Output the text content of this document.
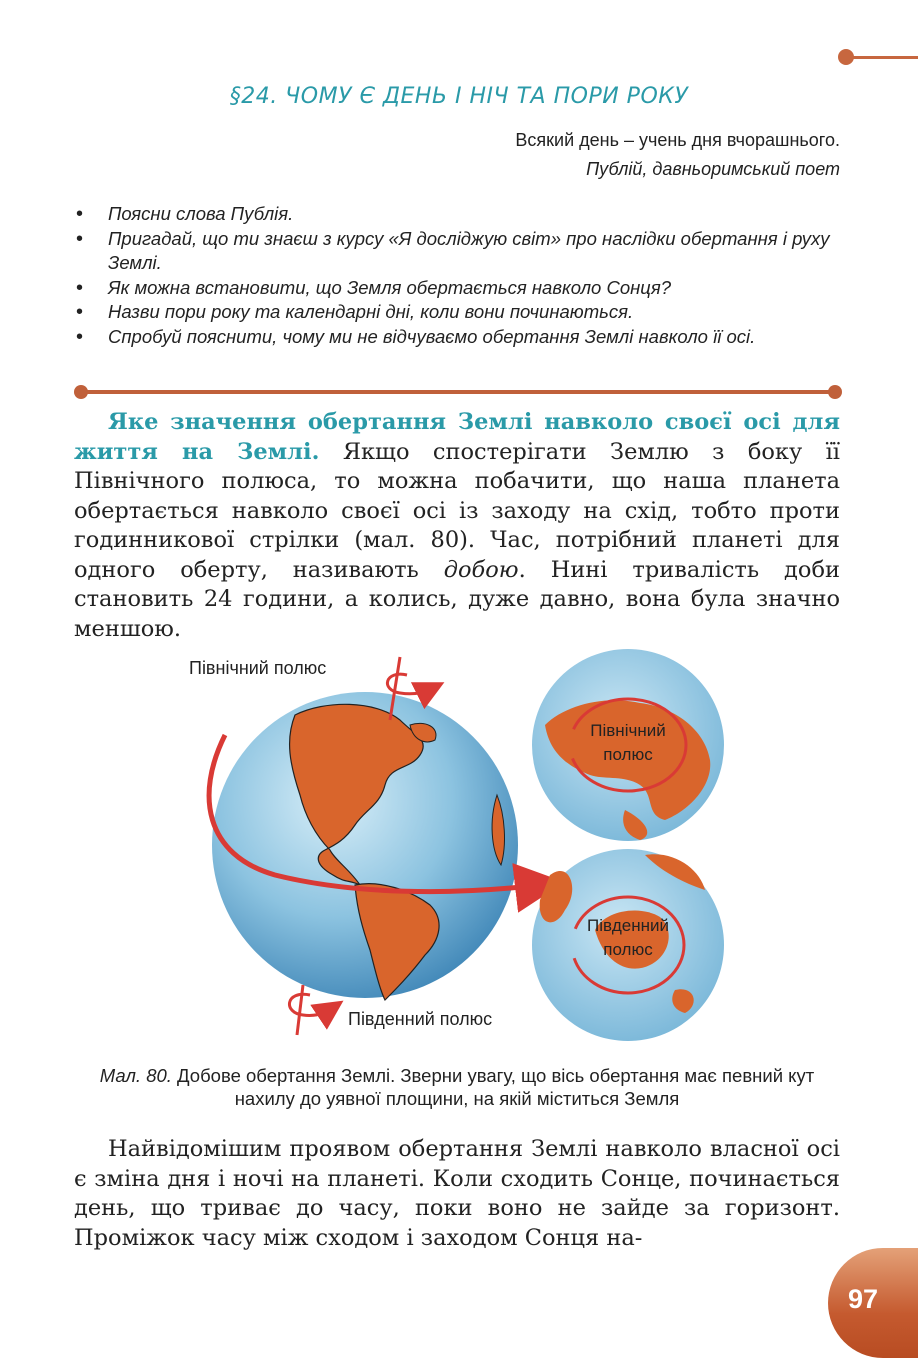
§24. ЧОМУ Є ДЕНЬ І НІЧ ТА ПОРИ РОКУ
Всякий день – учень дня вчорашнього.
Публій, давньоримський поет
• Поясни слова Публія.
• Пригадай, що ти знаєш з курсу «Я досліджую світ» про наслідки обертання і руху Землі.
• Як можна встановити, що Земля обертається навколо Сонця?
• Назви пори року та календарні дні, коли вони починаються.
• Спробуй пояснити, чому ми не відчуваємо обертання Землі навколо її осі.

Яке значення обертання Землі навколо своєї осі для життя на Землі. Якщо спостерігати Землю з боку її Північного полюса, то можна побачити, що наша планета обертається навколо своєї осі із заходу на схід, тобто проти годинникової стрілки (мал. 80). Час, потрібний планеті для одного оберту, називають добою. Нині тривалість доби становить 24 години, а колись, дуже давно, вона була значно меншою.

Північний полюс
Південний полюс
Північний
полюс
Південний
полюс
Мал. 80. Добове обертання Землі. Зверни увагу, що вісь обертання має певний кут нахилу до уявної площини, на якій міститься Земля

Найвідомішим проявом обертання Землі навколо власної осі є зміна дня і ночі на планеті. Коли сходить Сонце, починається день, що триває до часу, поки воно не зайде за горизонт. Проміжок часу між сходом і заходом Сонця на-

97
